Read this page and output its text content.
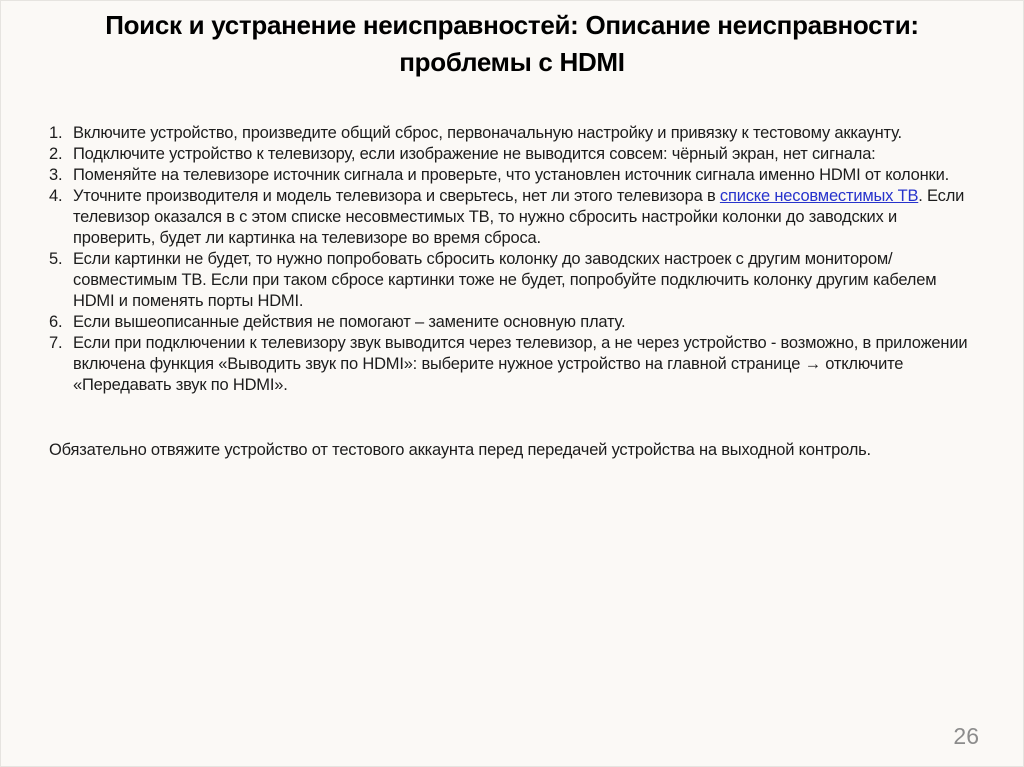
Поиск и устранение неисправностей: Описание неисправности:
проблемы с HDMI
1. Включите устройство, произведите общий сброс, первоначальную настройку и привязку к тестовому аккаунту.
2. Подключите устройство к телевизору, если изображение не выводится совсем: чёрный экран, нет сигнала:
3. Поменяйте на телевизоре источник сигнала и проверьте, что установлен источник сигнала именно HDMI от колонки.
4. Уточните производителя и модель телевизора и сверьтесь, нет ли этого телевизора в списке несовместимых ТВ. Если телевизор оказался в с этом списке несовместимых ТВ, то нужно сбросить настройки колонки до заводских и проверить, будет ли картинка на телевизоре во время сброса.
5. Если картинки не будет, то нужно попробовать сбросить колонку до заводских настроек с другим монитором/совместимым ТВ. Если при таком сбросе картинки тоже не будет, попробуйте подключить колонку другим кабелем HDMI и поменять порты HDMI.
6. Если вышеописанные действия не помогают – замените основную плату.
7. Если при подключении к телевизору звук выводится через телевизор, а не через устройство - возможно, в приложении включена функция «Выводить звук по HDMI»: выберите нужное устройство на главной странице → отключите «Передавать звук по HDMI».

Обязательно отвяжите устройство от тестового аккаунта перед передачей устройства на выходной контроль.

26
